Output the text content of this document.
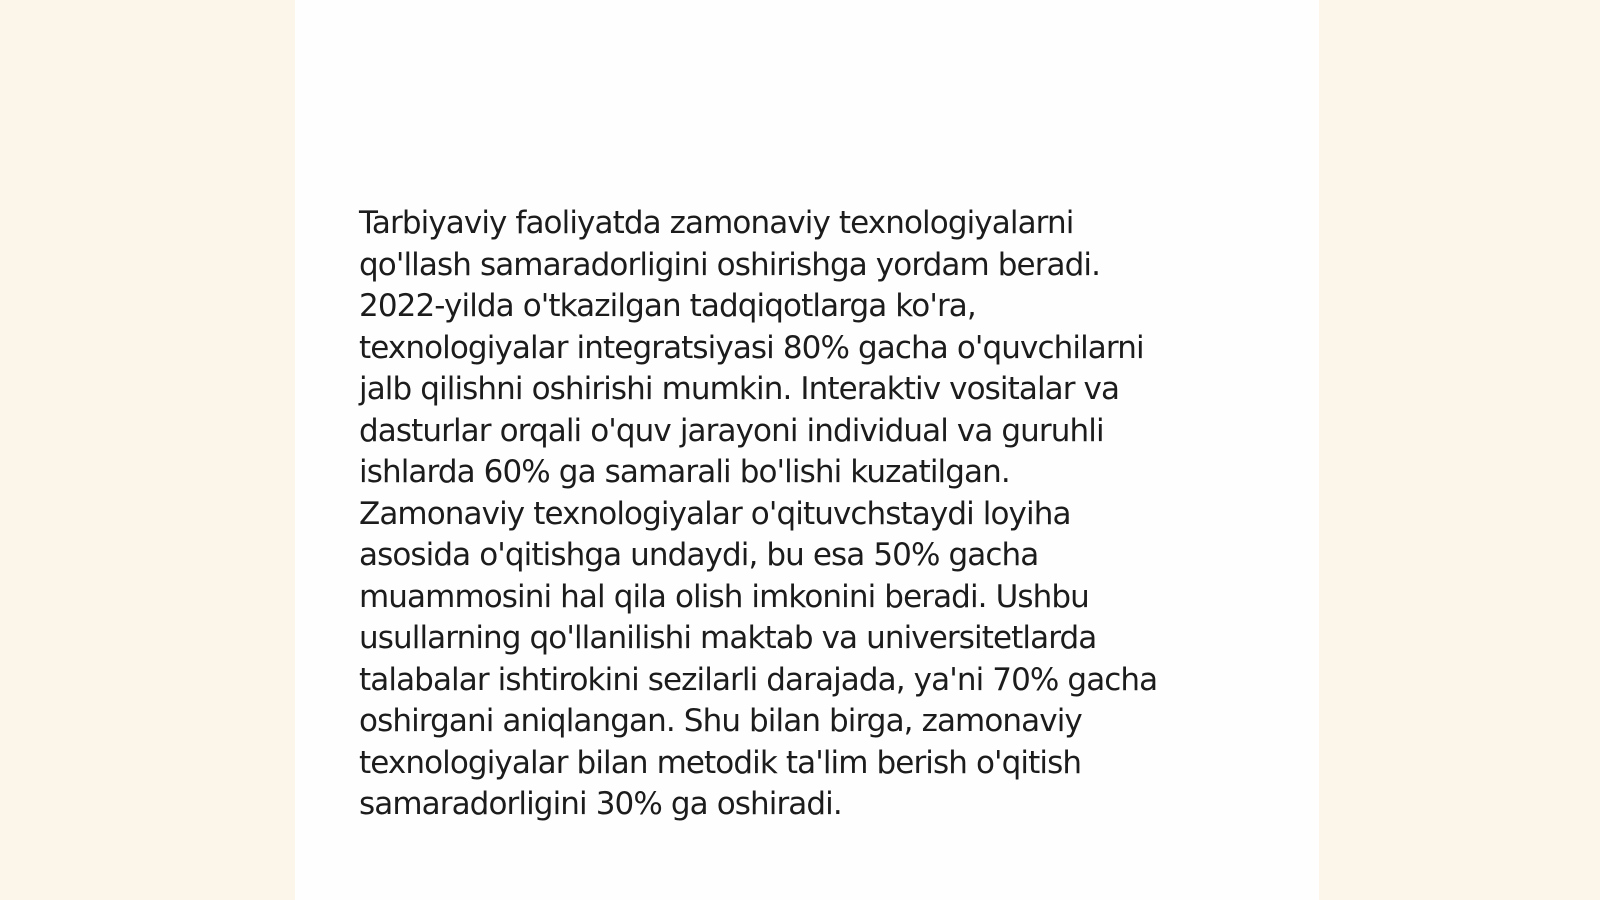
Tarbiyaviy faoliyatda zamonaviy texnologiyalarni
qo'llash samaradorligini oshirishga yordam beradi.
2022-yilda o'tkazilgan tadqiqotlarga ko'ra,
texnologiyalar integratsiyasi 80% gacha o'quvchilarni
jalb qilishni oshirishi mumkin. Interaktiv vositalar va
dasturlar orqali o'quv jarayoni individual va guruhli
ishlarda 60% ga samarali bo'lishi kuzatilgan.
Zamonaviy texnologiyalar o'qituvchstaydi loyiha
asosida o'qitishga undaydi, bu esa 50% gacha
muammosini hal qila olish imkonini beradi. Ushbu
usullarning qo'llanilishi maktab va universitetlarda
talabalar ishtirokini sezilarli darajada, ya'ni 70% gacha
oshirgani aniqlangan. Shu bilan birga, zamonaviy
texnologiyalar bilan metodik ta'lim berish o'qitish
samaradorligini 30% ga oshiradi.
